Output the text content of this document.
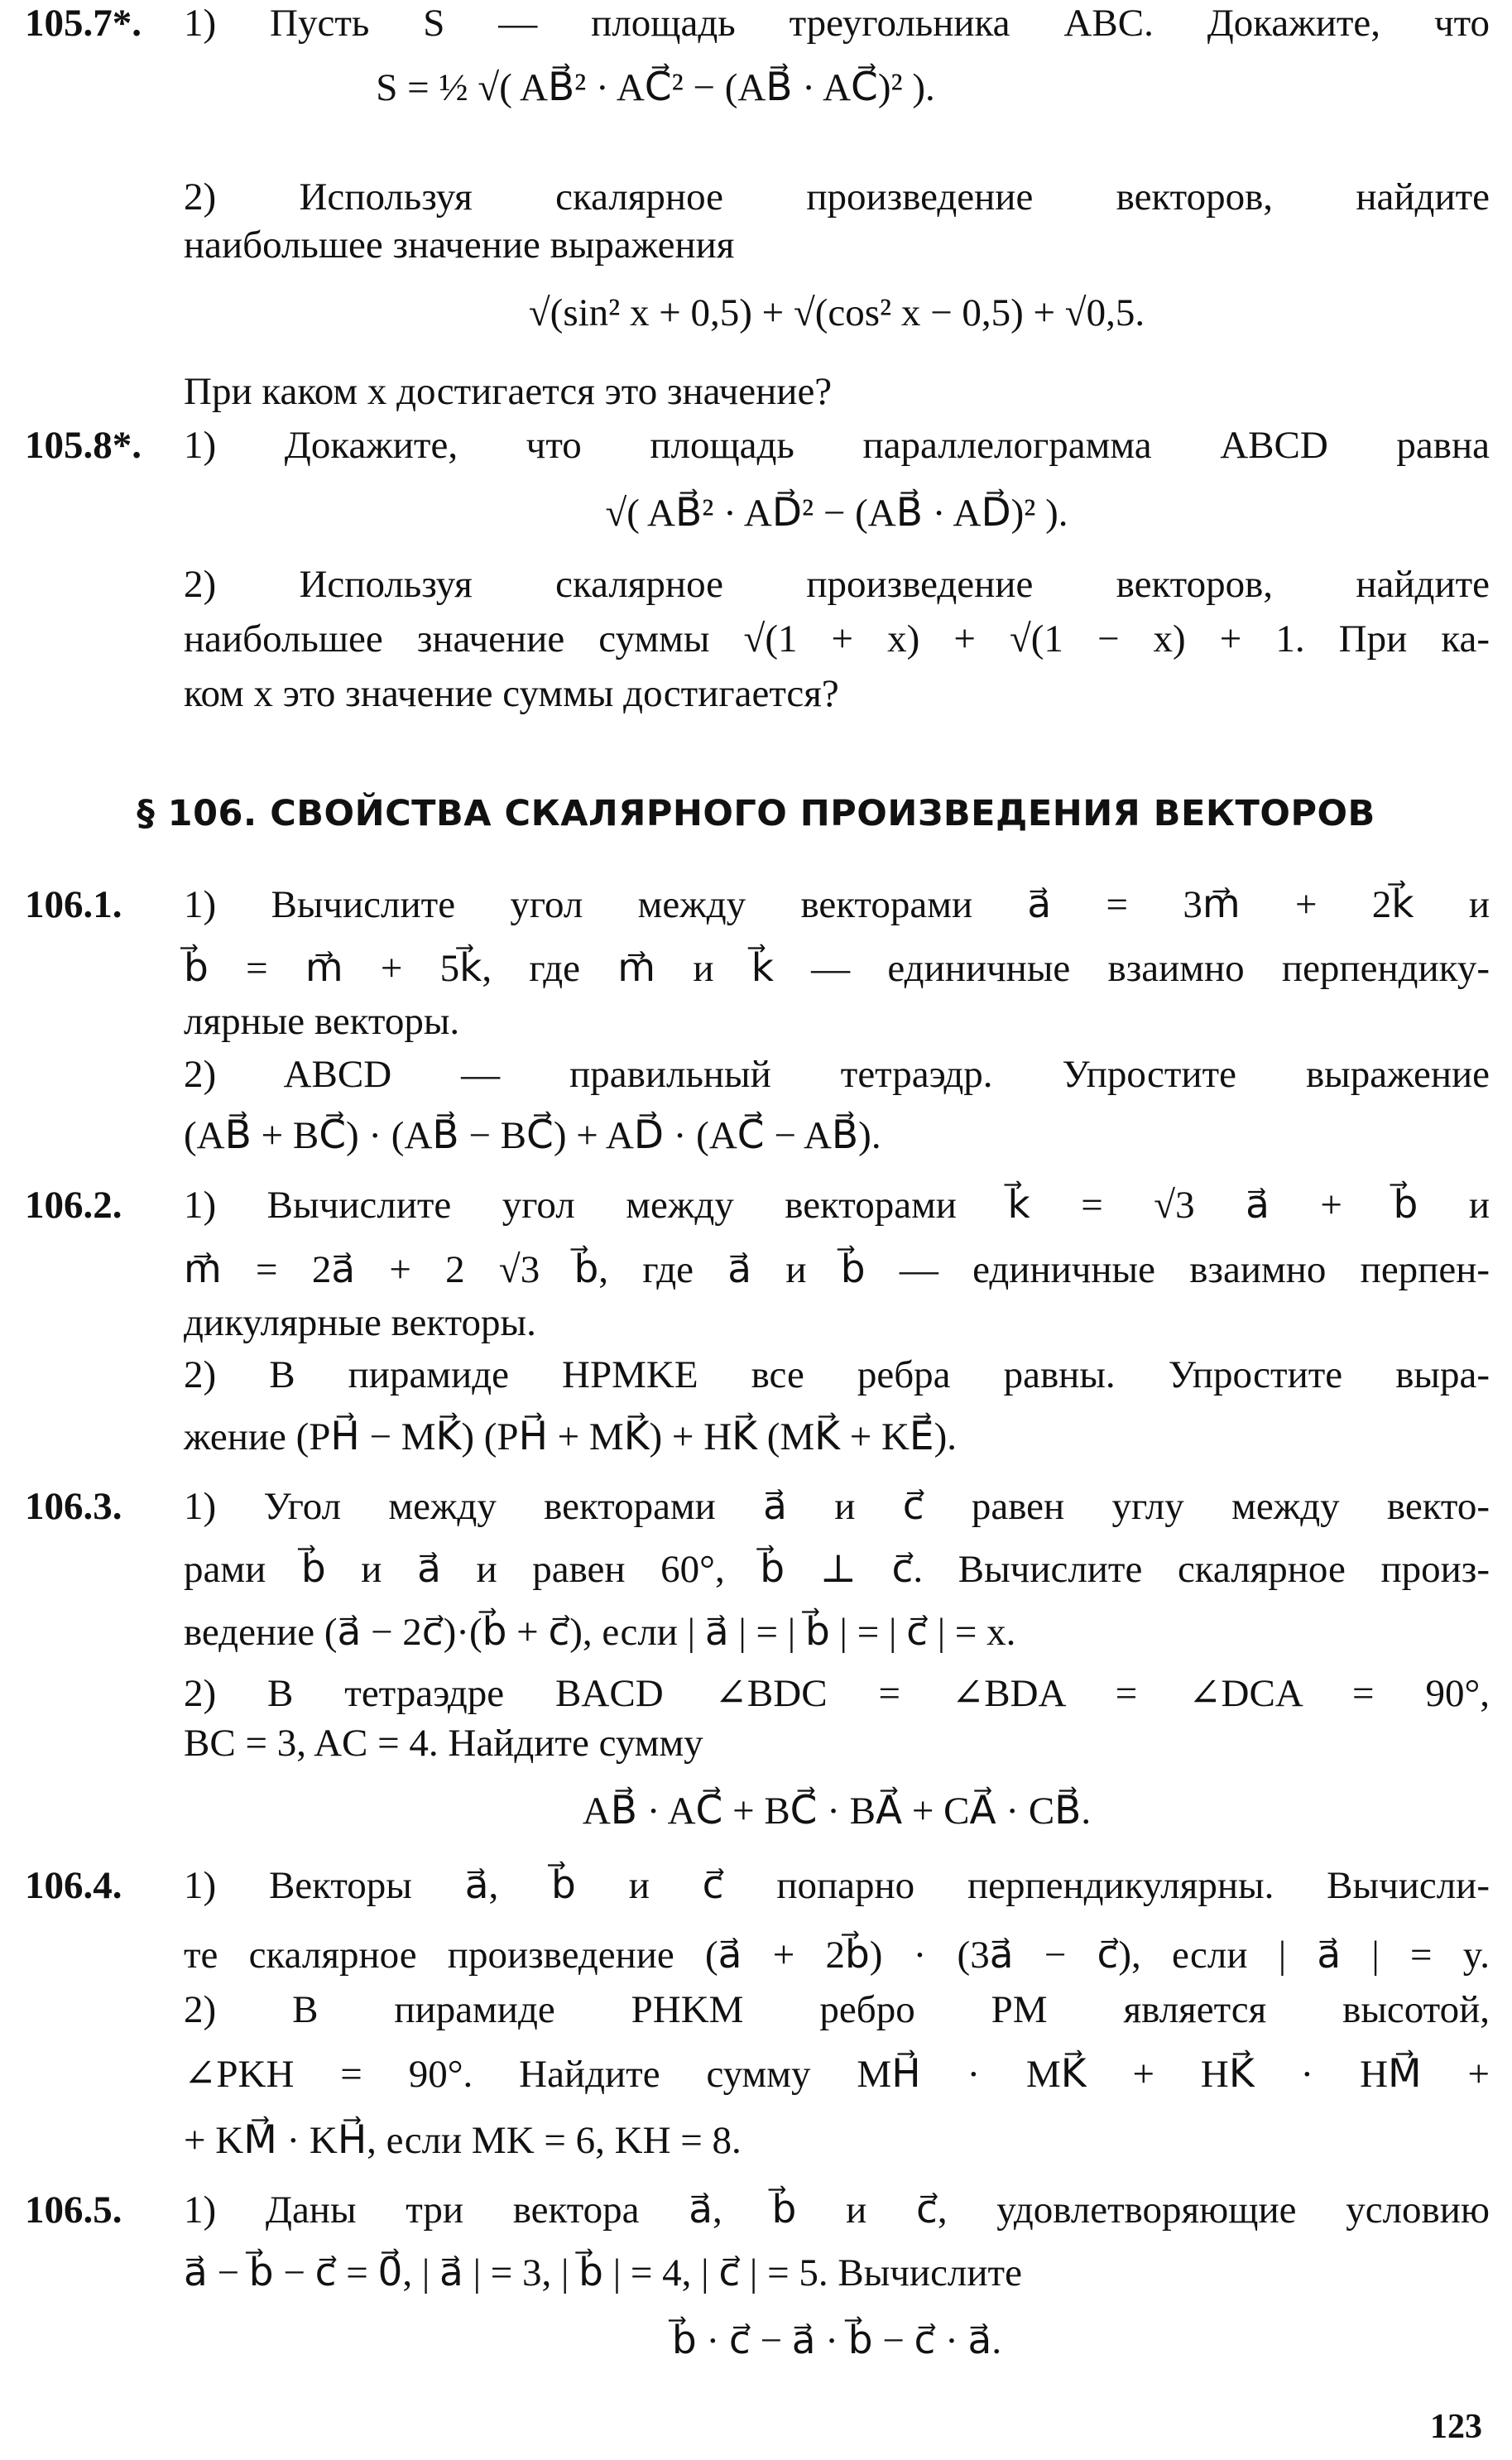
105.7*. 1) Пусть S — площадь треугольника ABC. Докажите, что
S = ½ √( AB⃗² · AC⃗² − (AB⃗ · AC⃗)² ).
2) Используя скалярное произведение векторов, найдите
наибольшее значение выражения
√(sin² x + 0,5) + √(cos² x − 0,5) + √0,5.
При каком x достигается это значение?
105.8*. 1) Докажите, что площадь параллелограмма ABCD равна
√( AB⃗² · AD⃗² − (AB⃗ · AD⃗)² ).
2) Используя скалярное произведение векторов, найдите
наибольшее значение суммы √(1 + x) + √(1 − x) + 1. При ка-
ком x это значение суммы достигается?
§ 106. СВОЙСТВА СКАЛЯРНОГО ПРОИЗВЕДЕНИЯ ВЕКТОРОВ
106.1. 1) Вычислите угол между векторами a⃗ = 3m⃗ + 2k⃗ и
b⃗ = m⃗ + 5k⃗, где m⃗ и k⃗ — единичные взаимно перпендику-
лярные векторы.
2) ABCD — правильный тетраэдр. Упростите выражение
(AB⃗ + BC⃗) · (AB⃗ − BC⃗) + AD⃗ · (AC⃗ − AB⃗).
106.2. 1) Вычислите угол между векторами k⃗ = √3 a⃗ + b⃗ и
m⃗ = 2a⃗ + 2 √3 b⃗, где a⃗ и b⃗ — единичные взаимно перпен-
дикулярные векторы.
2) В пирамиде HPMKE все ребра равны. Упростите выра-
жение (PH⃗ − MK⃗) (PH⃗ + MK⃗) + HK⃗ (MK⃗ + KE⃗).
106.3. 1) Угол между векторами a⃗ и c⃗ равен углу между векто-
рами b⃗ и a⃗ и равен 60°, b⃗ ⊥ c⃗. Вычислите скалярное произ-
ведение (a⃗ − 2c⃗)·(b⃗ + c⃗), если | a⃗ | = | b⃗ | = | c⃗ | = x.
2) В тетраэдре BACD ∠BDC = ∠BDA = ∠DCA = 90°,
BC = 3, AC = 4. Найдите сумму
AB⃗ · AC⃗ + BC⃗ · BA⃗ + CA⃗ · CB⃗.
106.4. 1) Векторы a⃗, b⃗ и c⃗ попарно перпендикулярны. Вычисли-
те скалярное произведение (a⃗ + 2b⃗) · (3a⃗ − c⃗), если | a⃗ | = y.
2) В пирамиде PHKM ребро PM является высотой,
∠PKH = 90°. Найдите сумму MH⃗ · MK⃗ + HK⃗ · HM⃗ +
+ KM⃗ · KH⃗, если MK = 6, KH = 8.
106.5. 1) Даны три вектора a⃗, b⃗ и c⃗, удовлетворяющие условию
a⃗ − b⃗ − c⃗ = 0⃗, | a⃗ | = 3, | b⃗ | = 4, | c⃗ | = 5. Вычислите
b⃗ · c⃗ − a⃗ · b⃗ − c⃗ · a⃗.
123
